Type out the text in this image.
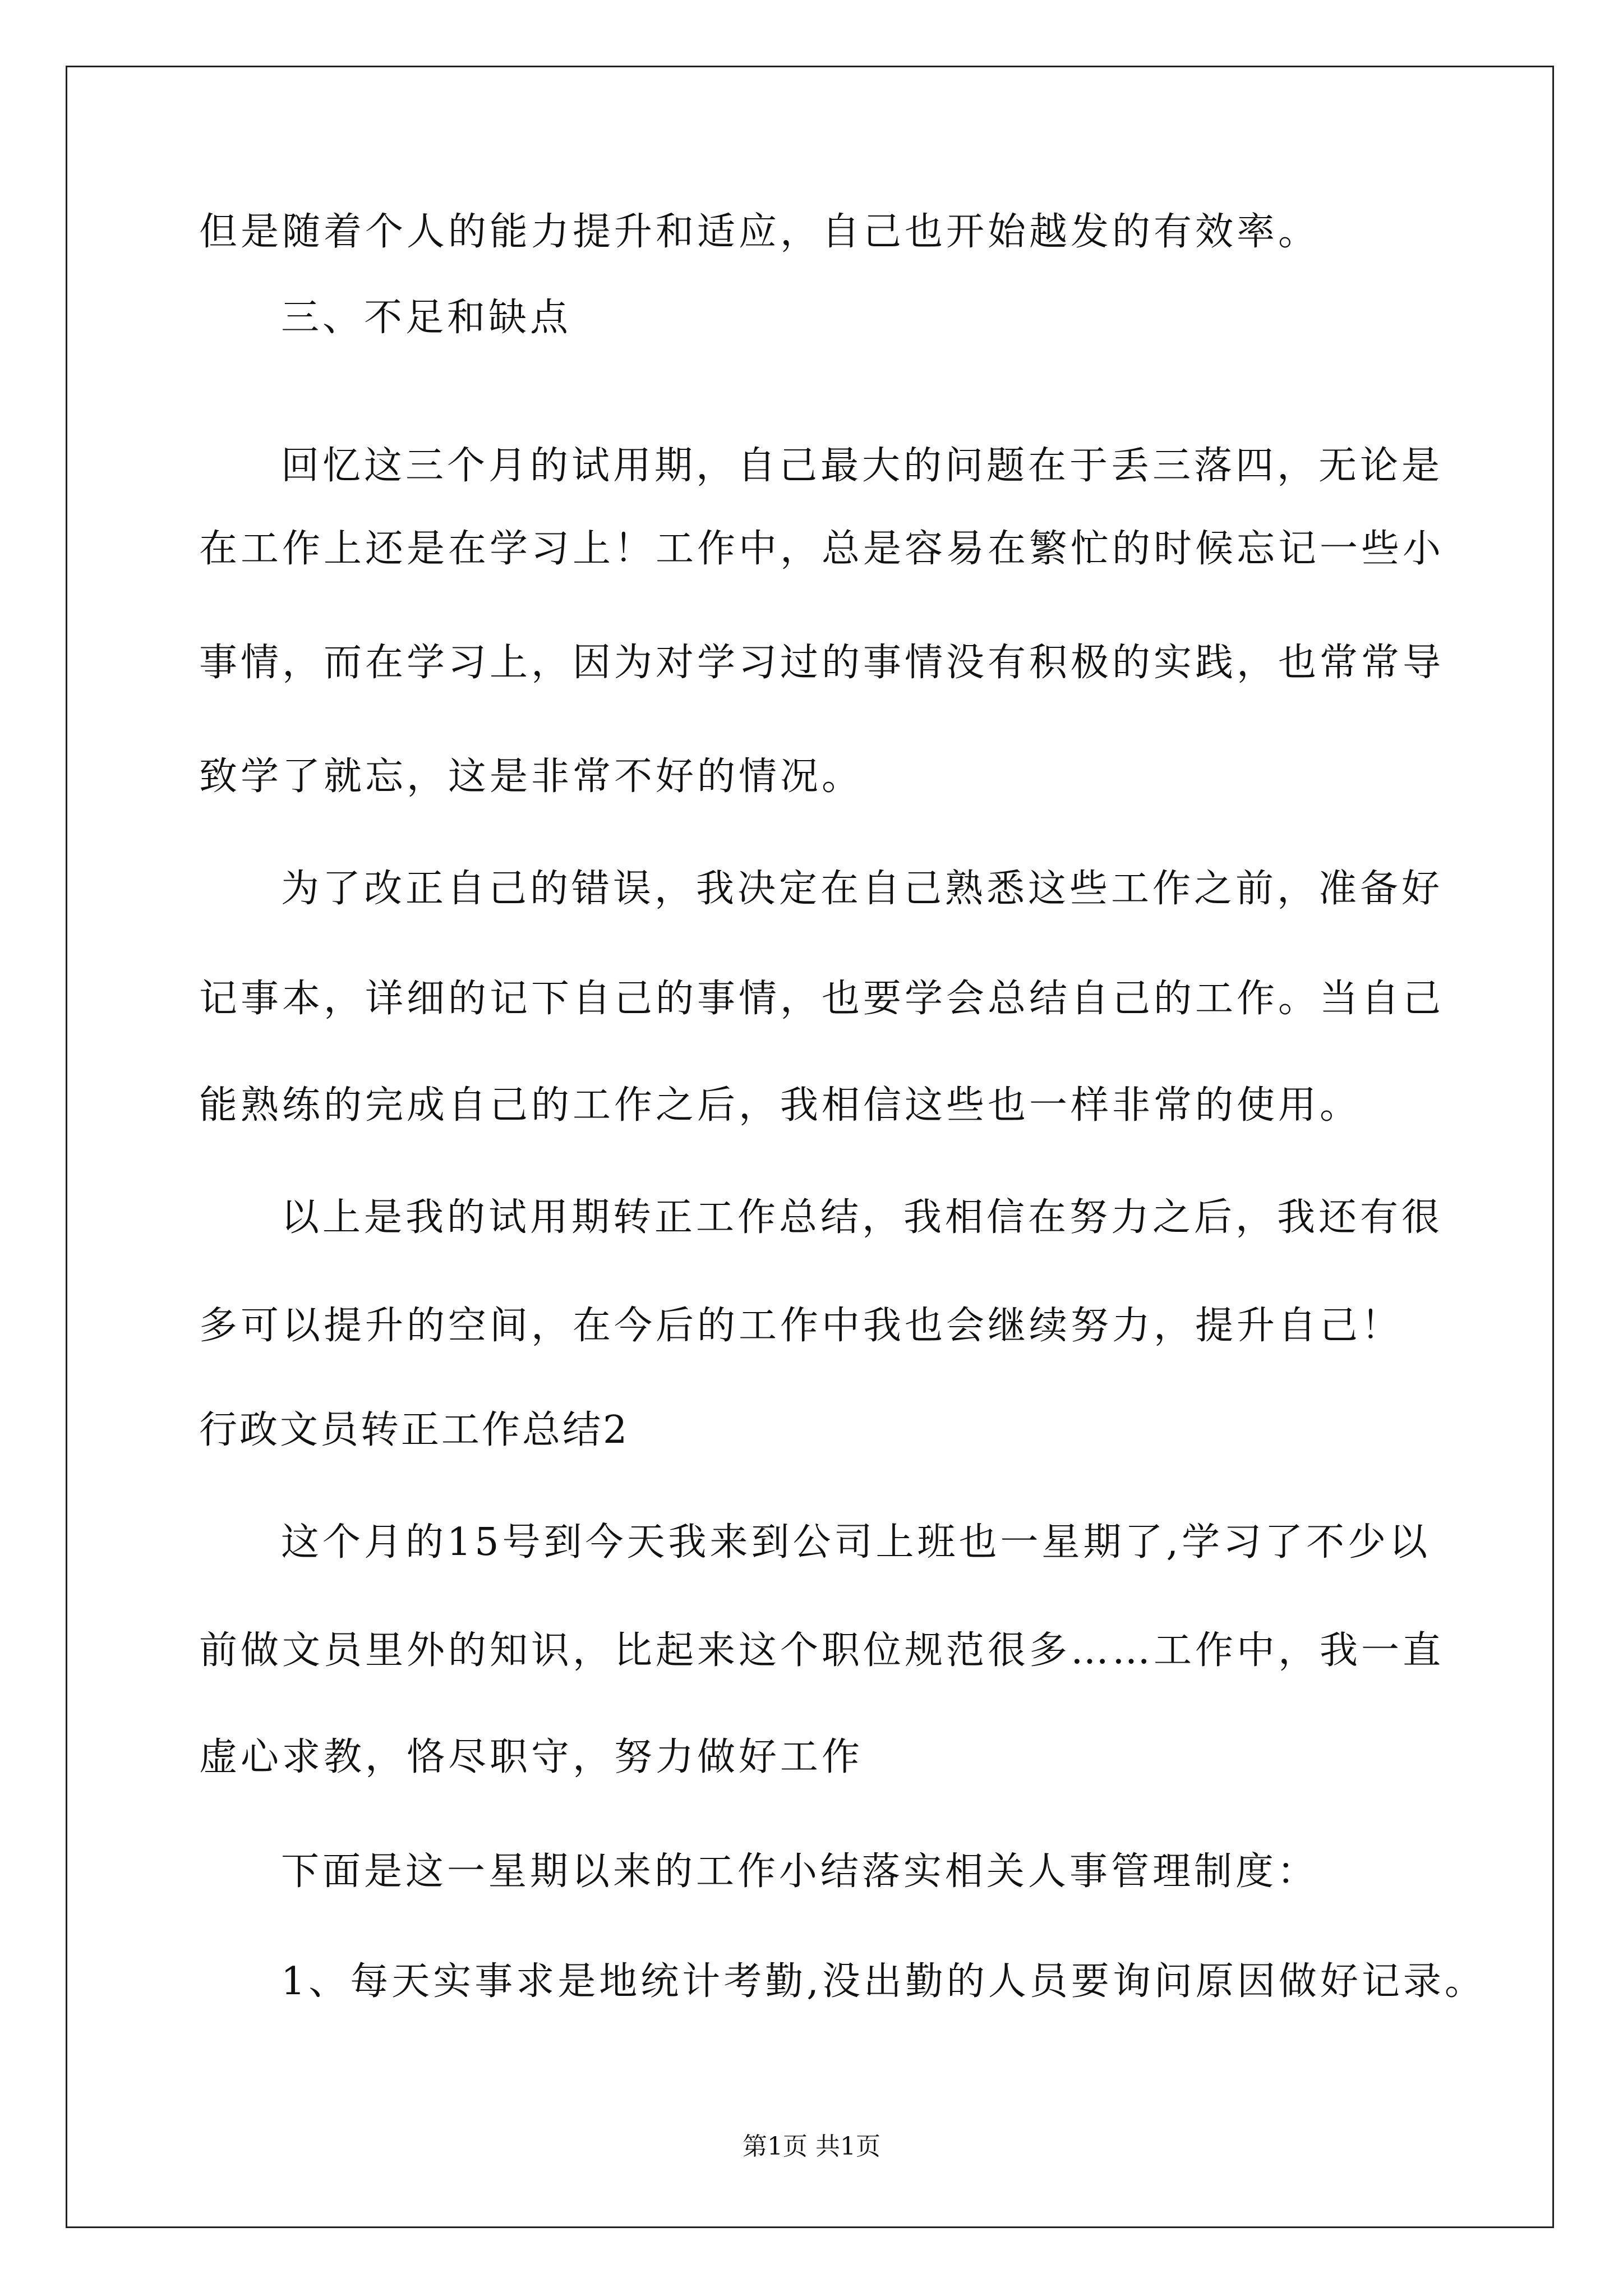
但是随着个人的能力提升和适应，自己也开始越发的有效率。
三、不足和缺点
回忆这三个月的试用期，自己最大的问题在于丢三落四，无论是
在工作上还是在学习上！工作中，总是容易在繁忙的时候忘记一些小
事情，而在学习上，因为对学习过的事情没有积极的实践，也常常导
致学了就忘，这是非常不好的情况。
为了改正自己的错误，我决定在自己熟悉这些工作之前，准备好
记事本，详细的记下自己的事情，也要学会总结自己的工作。当自己
能熟练的完成自己的工作之后，我相信这些也一样非常的使用。
以上是我的试用期转正工作总结，我相信在努力之后，我还有很
多可以提升的空间，在今后的工作中我也会继续努力，提升自己！
行政文员转正工作总结2
这个月的15号到今天我来到公司上班也一星期了,学习了不少以
前做文员里外的知识，比起来这个职位规范很多……工作中，我一直
虚心求教，恪尽职守，努力做好工作
下面是这一星期以来的工作小结落实相关人事管理制度：
1、每天实事求是地统计考勤,没出勤的人员要询问原因做好记录。
第1页 共1页
